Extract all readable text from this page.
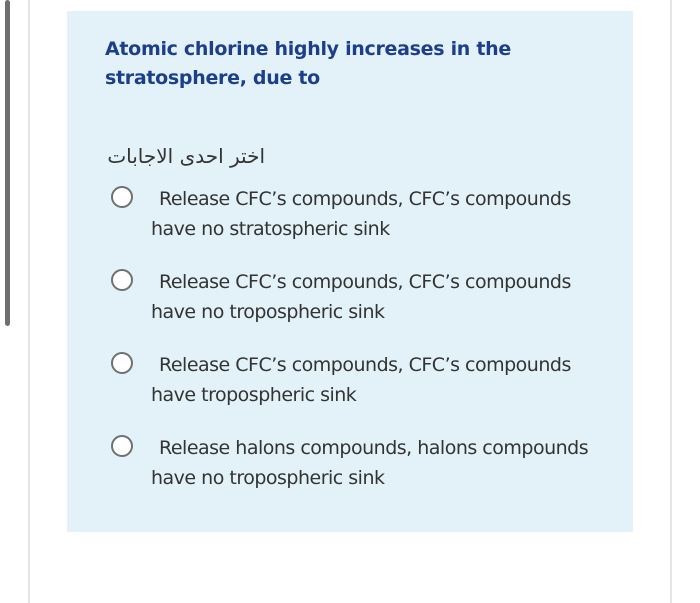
Atomic chlorine highly increases in the
stratosphere, due to

اختر احدى الاجابات

Release CFC’s compounds, CFC’s compounds have no stratospheric sink

Release CFC’s compounds, CFC’s compounds have no tropospheric sink

Release CFC’s compounds, CFC’s compounds have tropospheric sink

Release halons compounds, halons compounds have no tropospheric sink
